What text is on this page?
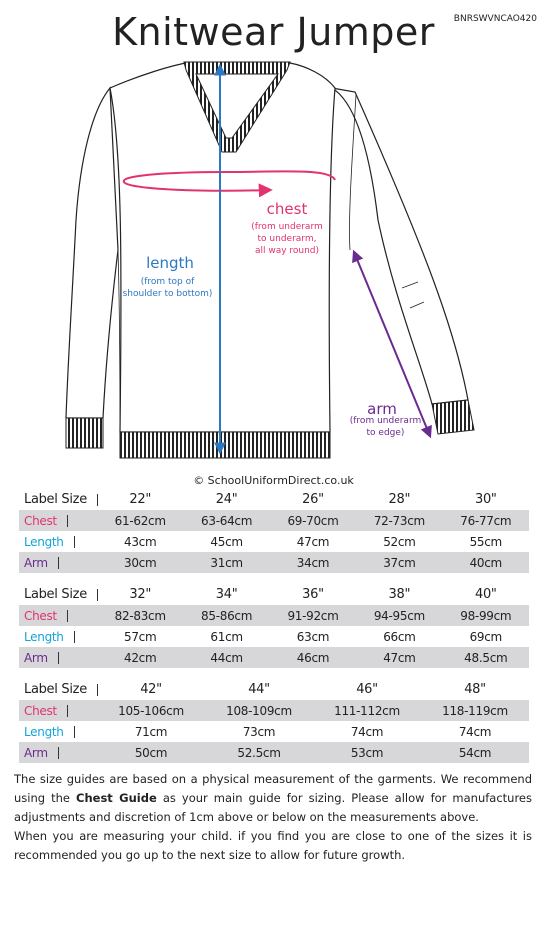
Knitwear Jumper	BNRSWVNCAO420
chest
(from underarm
to underarm,
all way round)
length
(from top of
shoulder to bottom)
arm
(from underarm
to edge)
© SchoolUniformDirect.co.uk
Label Size	22"	24"	26"	28"	30"
Chest	61-62cm	63-64cm	69-70cm	72-73cm	76-77cm
Length	43cm	45cm	47cm	52cm	55cm
Arm	30cm	31cm	34cm	37cm	40cm
Label Size	32"	34"	36"	38"	40"
Chest	82-83cm	85-86cm	91-92cm	94-95cm	98-99cm
Length	57cm	61cm	63cm	66cm	69cm
Arm	42cm	44cm	46cm	47cm	48.5cm
Label Size	42"	44"	46"	48"
Chest	105-106cm	108-109cm	111-112cm	118-119cm
Length	71cm	73cm	74cm	74cm
Arm	50cm	52.5cm	53cm	54cm

The size guides are based on a physical measurement of the garments. We recommend using the Chest Guide as your main guide for sizing. Please allow for manufactures adjustments and discretion of 1cm above or below on the measurements above.

When you are measuring your child. if you find you are close to one of the sizes it is recommended you go up to the next size to allow for future growth.
